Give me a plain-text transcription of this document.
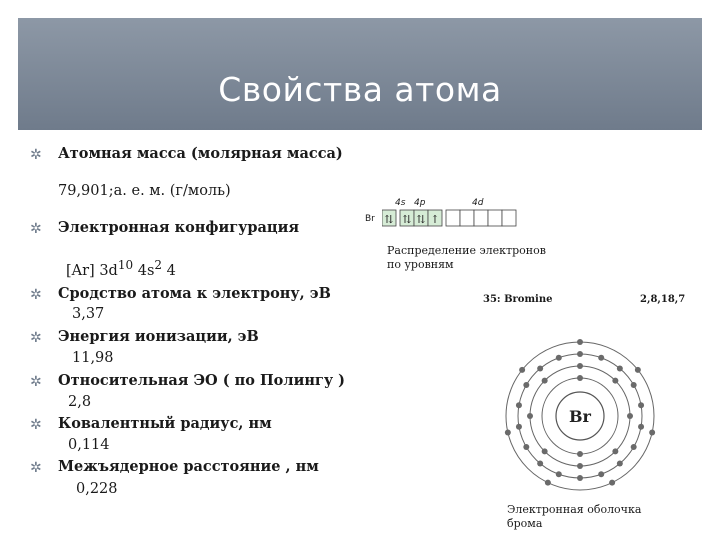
Свойства атома
✲ Атомная масса (молярная масса)
79,901;а. е. м. (г/моль)
✲ Электронная конфигурация
[Ar] $3d^{10}$ $4s^2$ 4
✲ Сродство атома к электрону, эВ
3,37
✲ Энергия ионизации, эВ
11,98
✲ Относительная ЭО ( по Полингу )
2,8
✲ Ковалентный радиус, нм
0,114
✲ Межъядерное расстояние , нм
0,228
4s 4p	4d
Br ⇅ ⇅ ⇅ ↑
Распределение электронов по уровням
35: Bromine	2,8,18,7
Br
Электронная оболочка брома
